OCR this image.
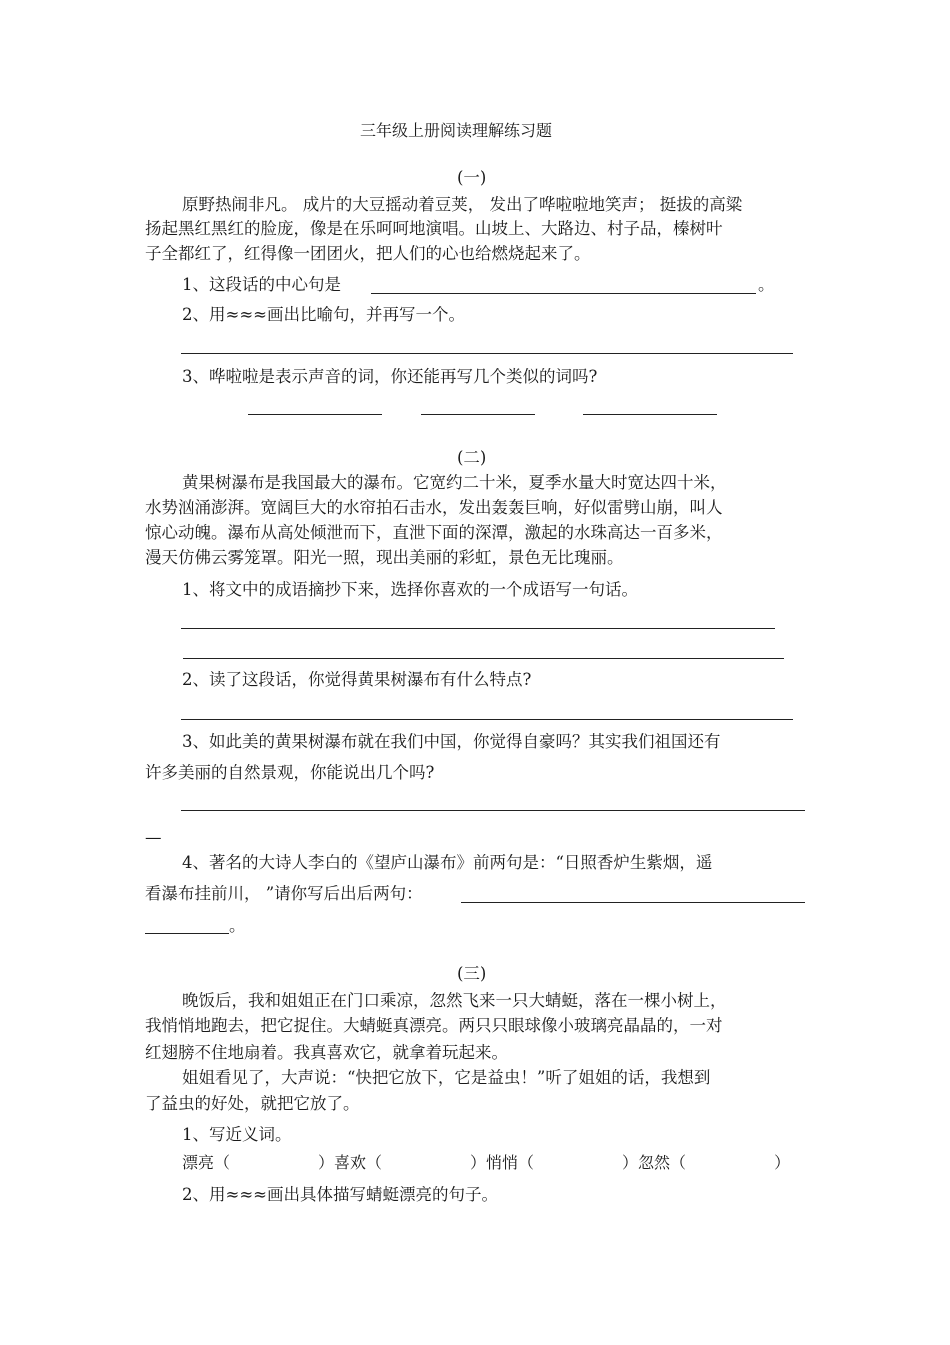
三年级上册阅读理解练习题
(一)
原野热闹非凡。 成片的大豆摇动着豆荚， 发出了哗啦啦地笑声； 挺拔的高粱
扬起黑红黑红的脸庞，像是在乐呵呵地演唱。山坡上、大路边、村子品，榛树叶
子全都红了，红得像一团团火，把人们的心也给燃烧起来了。
1、这段话的中心句是	。
2、用≈≈≈画出比喻句，并再写一个。
3、哗啦啦是表示声音的词，你还能再写几个类似的词吗?
(二)
黄果树瀑布是我国最大的瀑布。它宽约二十米，夏季水量大时宽达四十米，
水势汹涌澎湃。宽阔巨大的水帘拍石击水，发出轰轰巨响，好似雷劈山崩，叫人
惊心动魄。瀑布从高处倾泄而下，直泄下面的深潭，激起的水珠高达一百多米，
漫天仿佛云雾笼罩。阳光一照，现出美丽的彩虹，景色无比瑰丽。
1、将文中的成语摘抄下来，选择你喜欢的一个成语写一句话。
2、读了这段话，你觉得黄果树瀑布有什么特点?
3、如此美的黄果树瀑布就在我们中国，你觉得自豪吗？其实我们祖国还有
许多美丽的自然景观，你能说出几个吗?
—
4、著名的大诗人李白的《望庐山瀑布》前两句是：“日照香炉生紫烟，遥
看瀑布挂前川， ”请你写后出后两句：
。
(三)
晚饭后，我和姐姐正在门口乘凉，忽然飞来一只大蜻蜓，落在一棵小树上，
我悄悄地跑去，把它捉住。大蜻蜓真漂亮。两只只眼球像小玻璃亮晶晶的，一对
红翅膀不住地扇着。我真喜欢它，就拿着玩起来。
姐姐看见了，大声说：“快把它放下，它是益虫！”听了姐姐的话，我想到
了益虫的好处，就把它放了。
1、写近义词。
漂亮（	）喜欢（	）悄悄（	）忽然（	）
2、用≈≈≈画出具体描写蜻蜓漂亮的句子。
